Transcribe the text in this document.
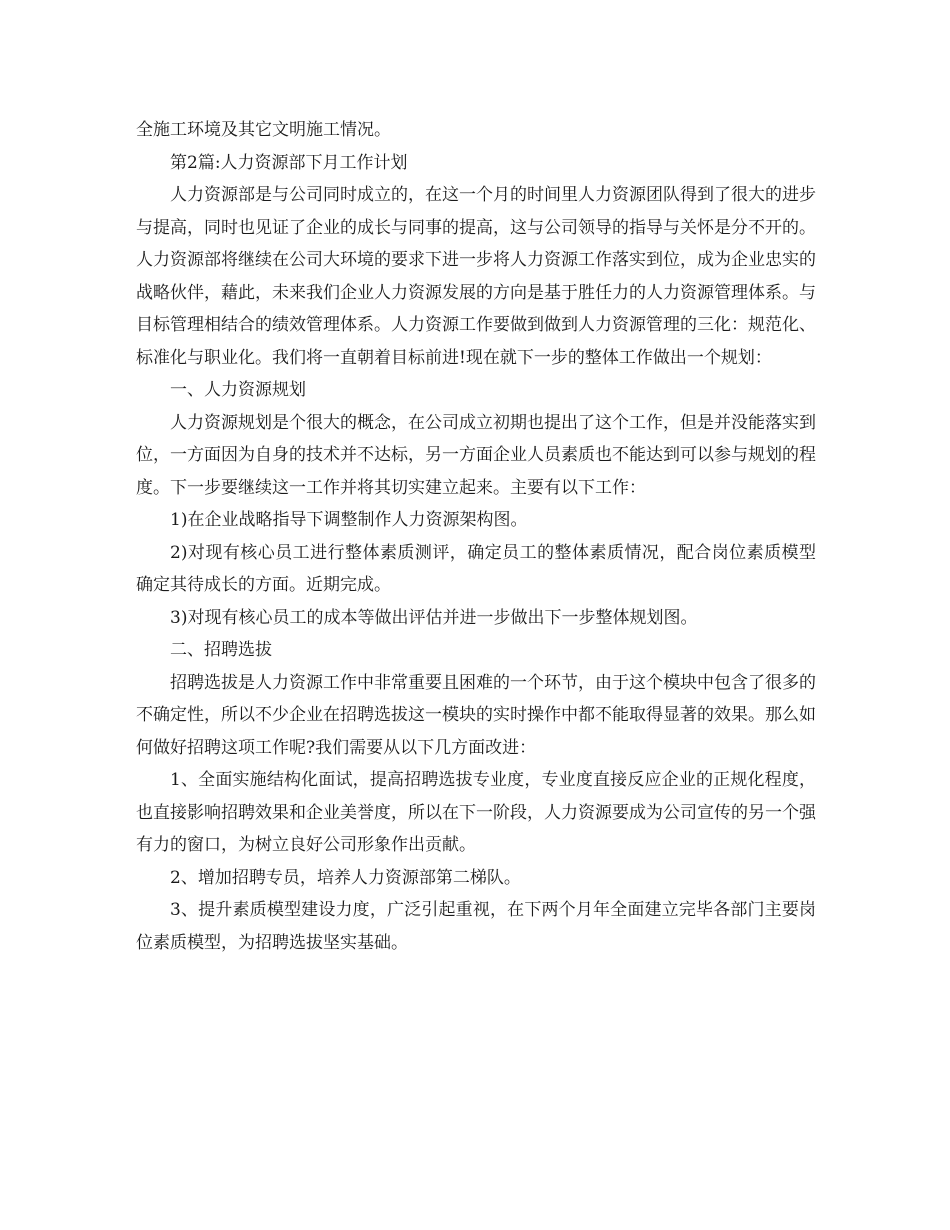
全施工环境及其它文明施工情况。

第2篇:人力资源部下月工作计划

人力资源部是与公司同时成立的，在这一个月的时间里人力资源团队得到了很大的进步与提高，同时也见证了企业的成长与同事的提高，这与公司领导的指导与关怀是分不开的。人力资源部将继续在公司大环境的要求下进一步将人力资源工作落实到位，成为企业忠实的战略伙伴，藉此，未来我们企业人力资源发展的方向是基于胜任力的人力资源管理体系。与目标管理相结合的绩效管理体系。人力资源工作要做到做到人力资源管理的三化：规范化、标准化与职业化。我们将一直朝着目标前进!现在就下一步的整体工作做出一个规划：

一、人力资源规划

人力资源规划是个很大的概念，在公司成立初期也提出了这个工作，但是并没能落实到位，一方面因为自身的技术并不达标，另一方面企业人员素质也不能达到可以参与规划的程度。下一步要继续这一工作并将其切实建立起来。主要有以下工作：

1)在企业战略指导下调整制作人力资源架构图。

2)对现有核心员工进行整体素质测评，确定员工的整体素质情况，配合岗位素质模型确定其待成长的方面。近期完成。

3)对现有核心员工的成本等做出评估并进一步做出下一步整体规划图。

二、招聘选拔

招聘选拔是人力资源工作中非常重要且困难的一个环节，由于这个模块中包含了很多的不确定性，所以不少企业在招聘选拔这一模块的实时操作中都不能取得显著的效果。那么如何做好招聘这项工作呢?我们需要从以下几方面改进：

1、全面实施结构化面试，提高招聘选拔专业度，专业度直接反应企业的正规化程度，也直接影响招聘效果和企业美誉度，所以在下一阶段，人力资源要成为公司宣传的另一个强有力的窗口，为树立良好公司形象作出贡献。

2、增加招聘专员，培养人力资源部第二梯队。

3、提升素质模型建设力度，广泛引起重视，在下两个月年全面建立完毕各部门主要岗位素质模型，为招聘选拔坚实基础。
